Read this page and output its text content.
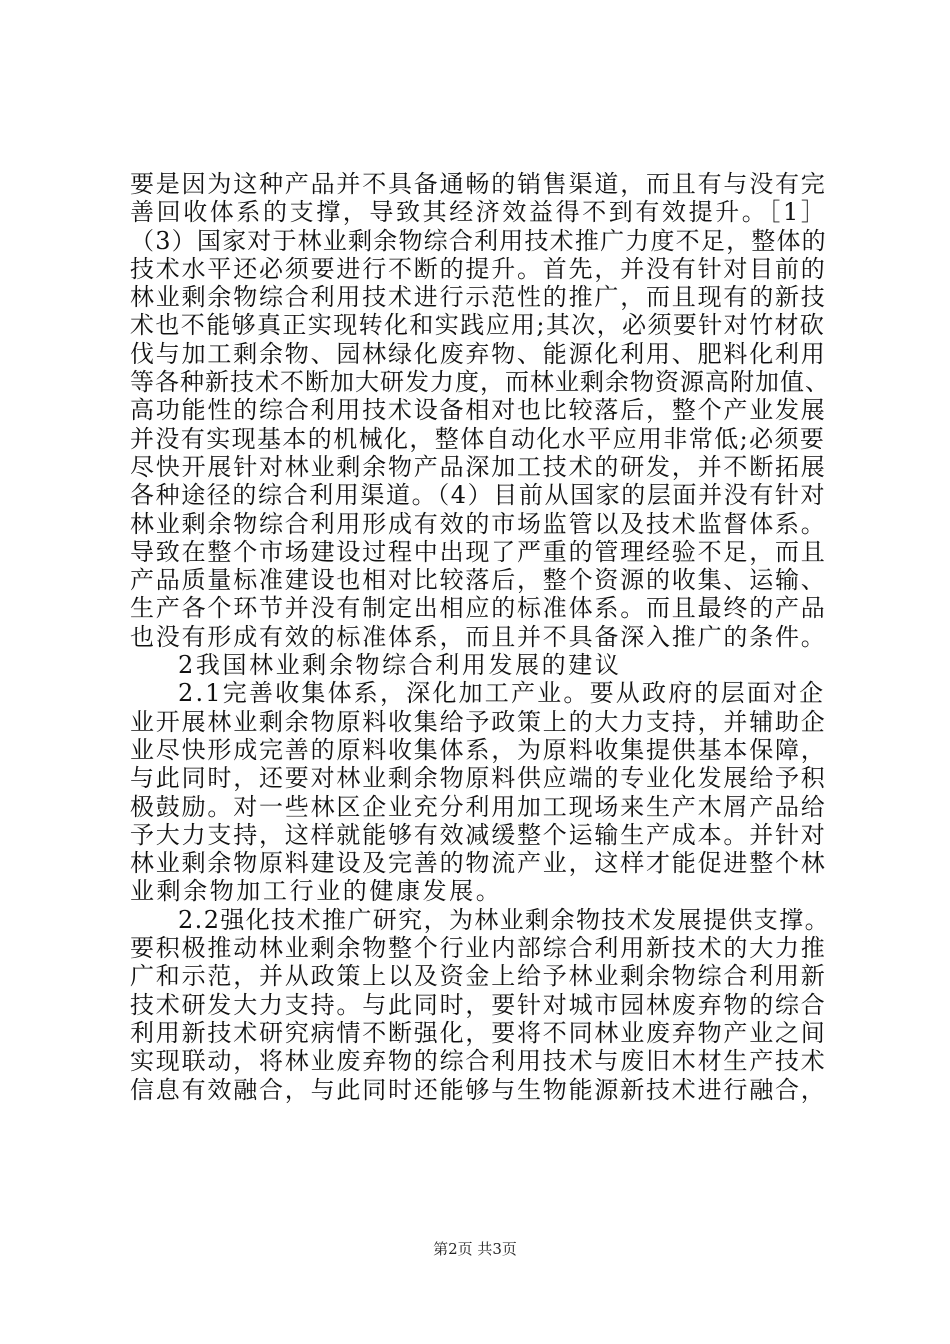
要是因为这种产品并不具备通畅的销售渠道，而且有与没有完
善回收体系的支撑，导致其经济效益得不到有效提升。［1］
（3）国家对于林业剩余物综合利用技术推广力度不足，整体的
技术水平还必须要进行不断的提升。首先，并没有针对目前的
林业剩余物综合利用技术进行示范性的推广，而且现有的新技
术也不能够真正实现转化和实践应用;其次，必须要针对竹材砍
伐与加工剩余物、园林绿化废弃物、能源化利用、肥料化利用
等各种新技术不断加大研发力度，而林业剩余物资源高附加值、
高功能性的综合利用技术设备相对也比较落后，整个产业发展
并没有实现基本的机械化，整体自动化水平应用非常低;必须要
尽快开展针对林业剩余物产品深加工技术的研发，并不断拓展
各种途径的综合利用渠道。（4）目前从国家的层面并没有针对
林业剩余物综合利用形成有效的市场监管以及技术监督体系。
导致在整个市场建设过程中出现了严重的管理经验不足，而且
产品质量标准建设也相对比较落后，整个资源的收集、运输、
生产各个环节并没有制定出相应的标准体系。而且最终的产品
也没有形成有效的标准体系，而且并不具备深入推广的条件。
2我国林业剩余物综合利用发展的建议
2.1完善收集体系，深化加工产业。要从政府的层面对企
业开展林业剩余物原料收集给予政策上的大力支持，并辅助企
业尽快形成完善的原料收集体系，为原料收集提供基本保障，
与此同时，还要对林业剩余物原料供应端的专业化发展给予积
极鼓励。对一些林区企业充分利用加工现场来生产木屑产品给
予大力支持，这样就能够有效减缓整个运输生产成本。并针对
林业剩余物原料建设及完善的物流产业，这样才能促进整个林
业剩余物加工行业的健康发展。
2.2强化技术推广研究，为林业剩余物技术发展提供支撑。
要积极推动林业剩余物整个行业内部综合利用新技术的大力推
广和示范，并从政策上以及资金上给予林业剩余物综合利用新
技术研发大力支持。与此同时，要针对城市园林废弃物的综合
利用新技术研究病情不断强化，要将不同林业废弃物产业之间
实现联动，将林业废弃物的综合利用技术与废旧木材生产技术
信息有效融合，与此同时还能够与生物能源新技术进行融合，
第2页 共3页
